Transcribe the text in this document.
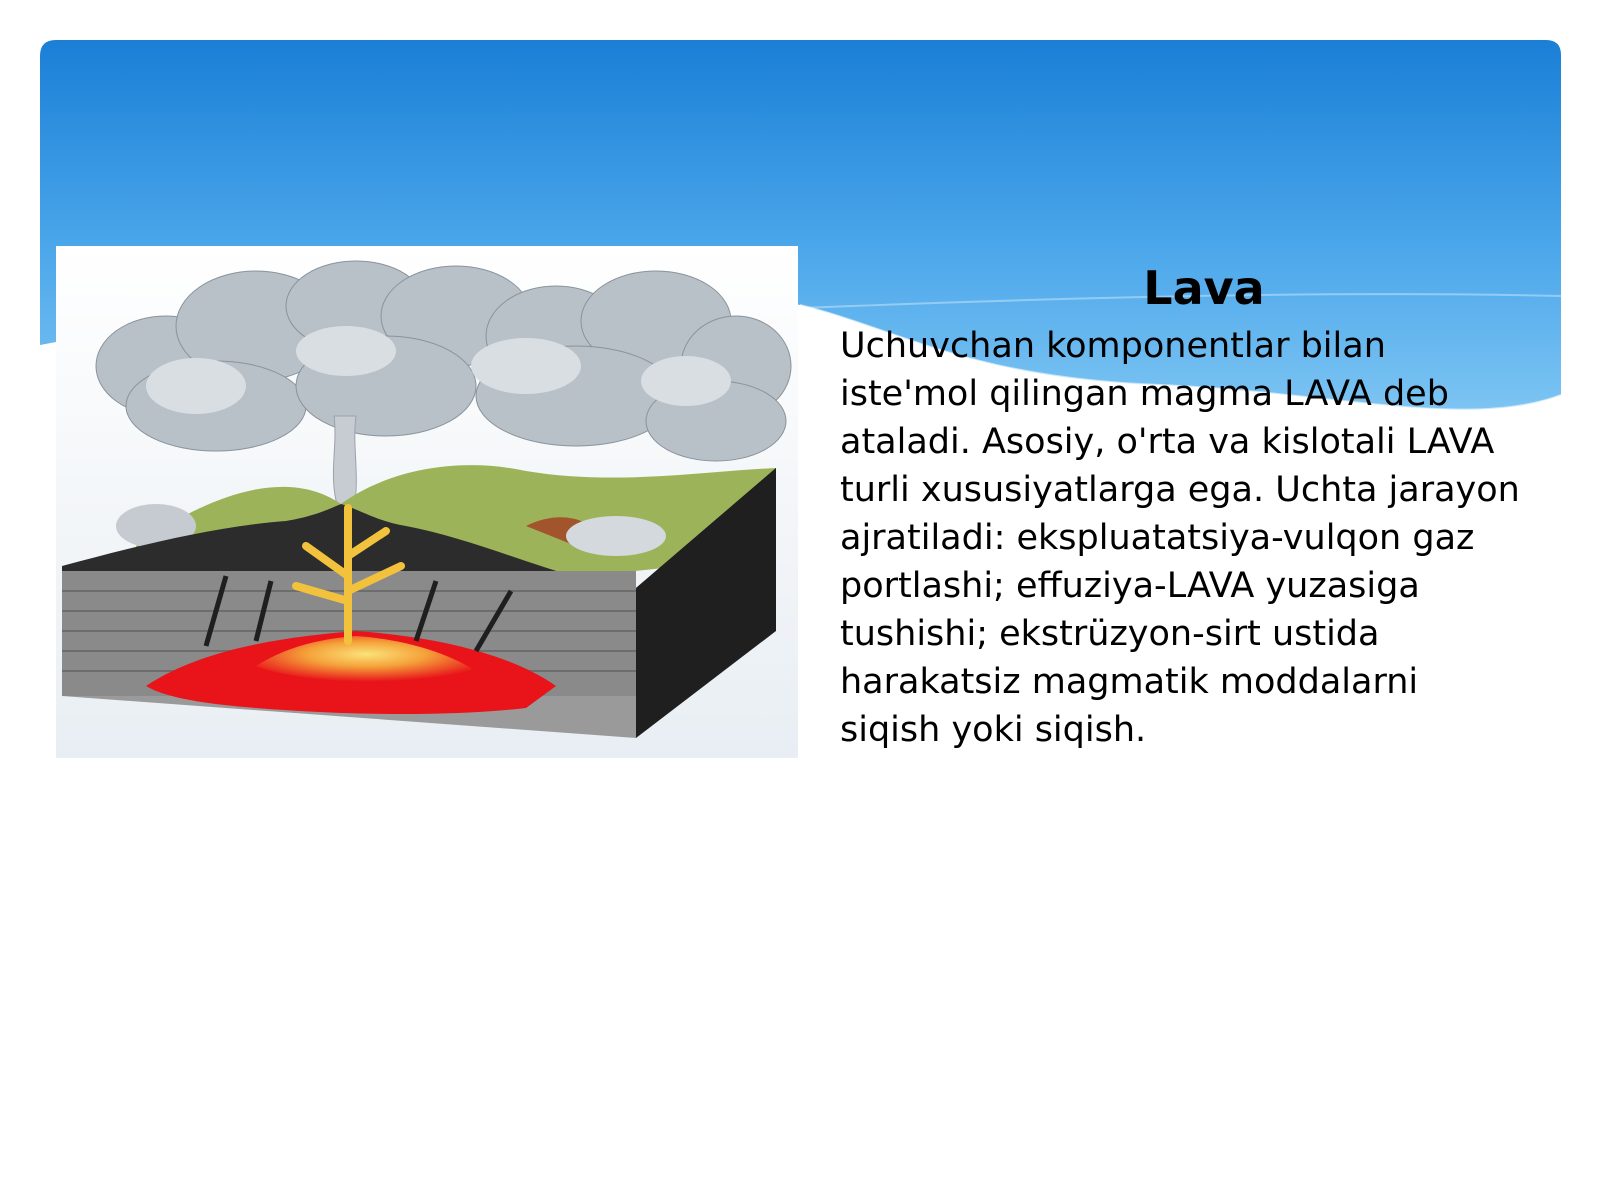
Lava

Uchuvchan komponentlar bilan
iste'mol qilingan magma LAVA deb
ataladi. Asosiy, o'rta va kislotali LAVA
turli xususiyatlarga ega. Uchta jarayon
ajratiladi: ekspluatatsiya-vulqon gaz
portlashi; effuziya-LAVA yuzasiga
tushishi; ekstrüzyon-sirt ustida
harakatsiz magmatik moddalarni
siqish yoki siqish.
